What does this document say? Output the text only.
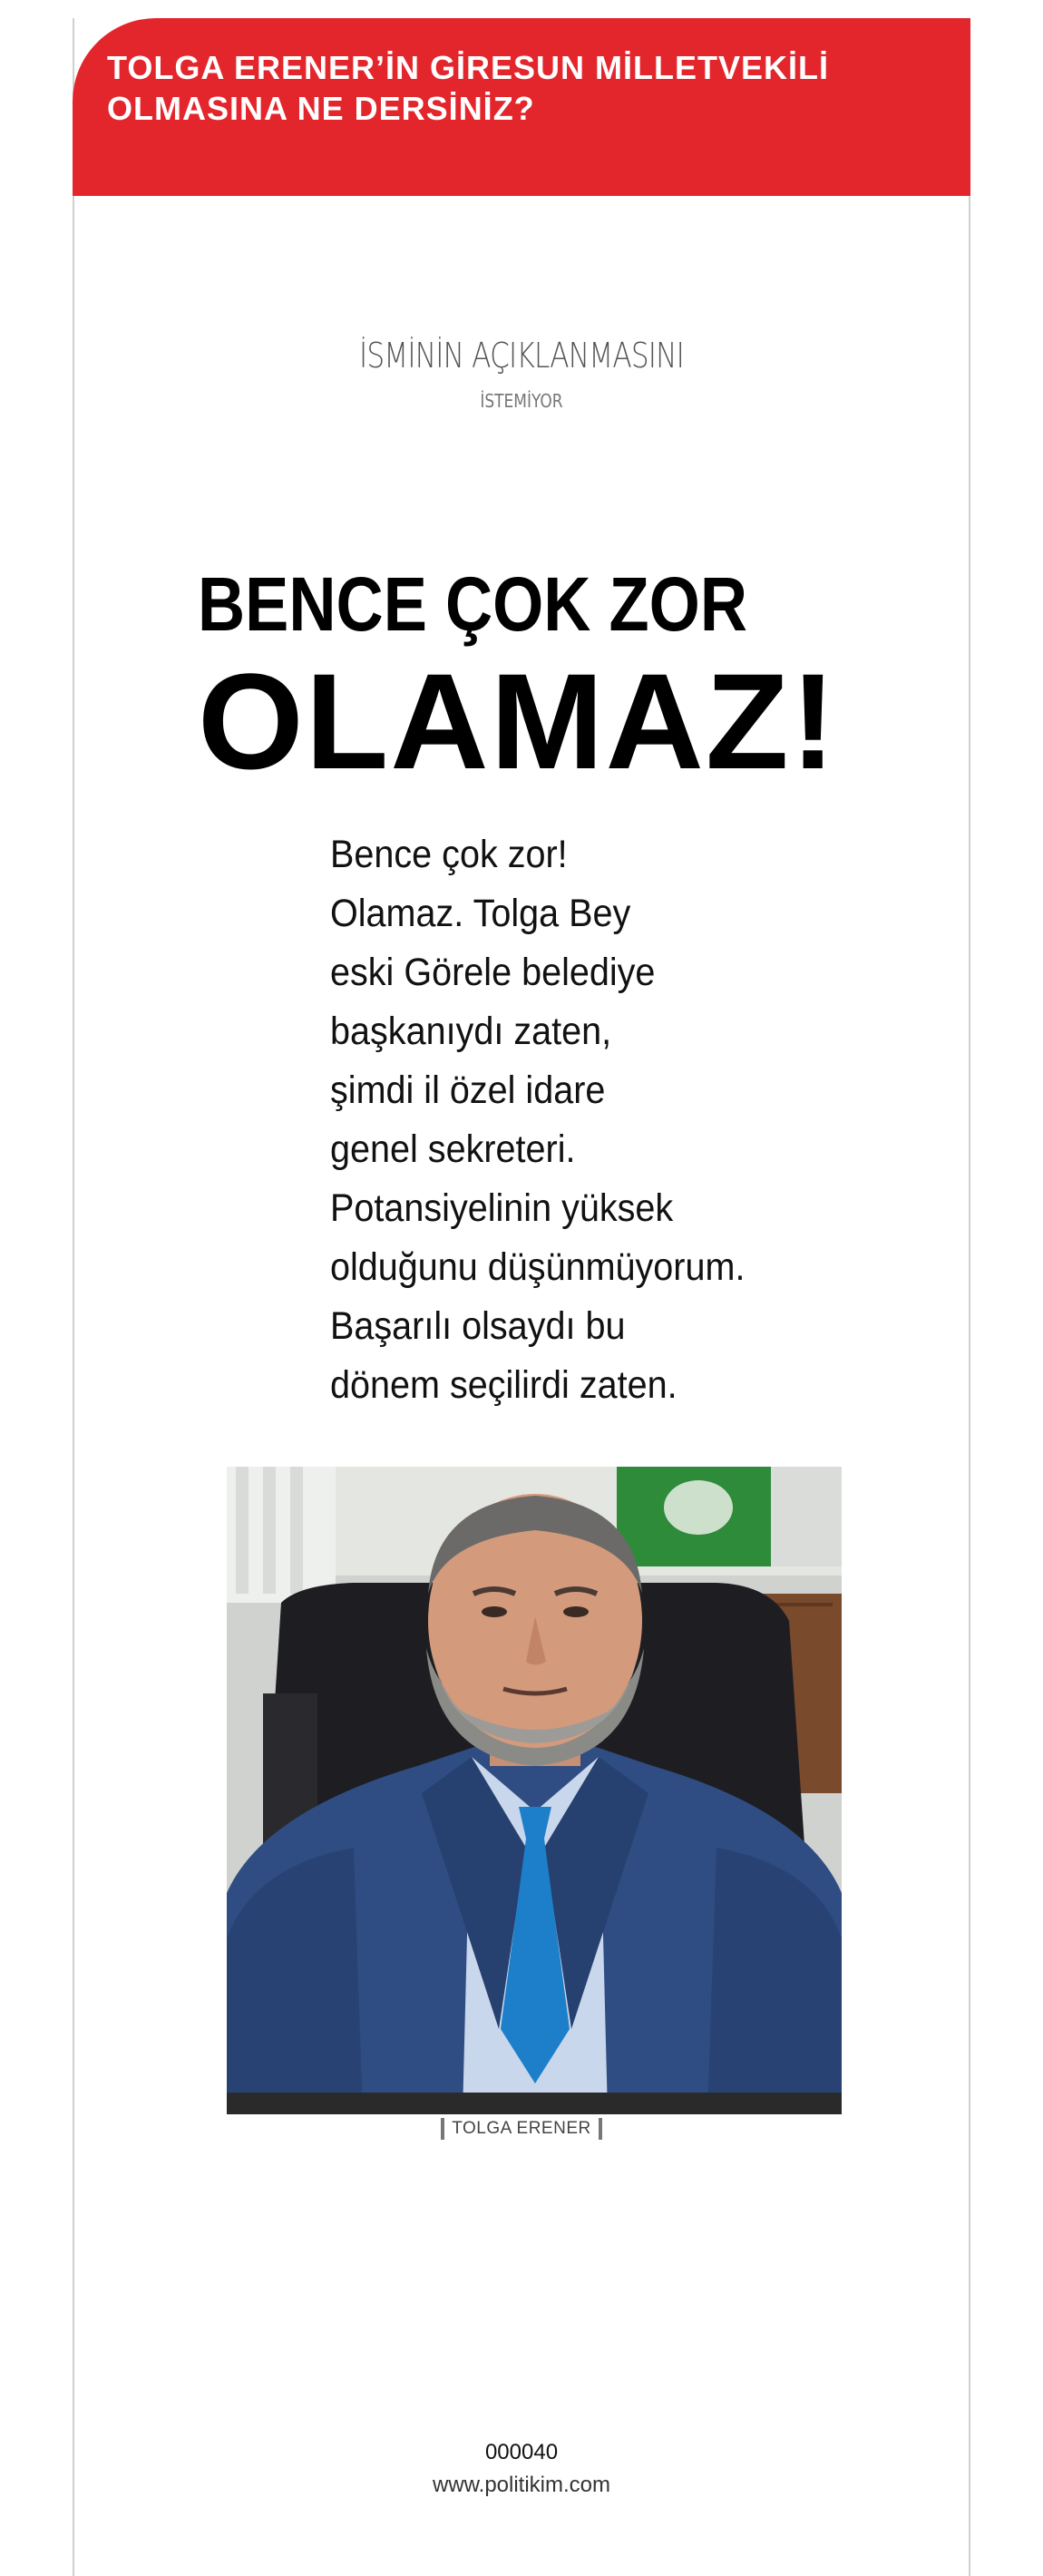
TOLGA ERENER’İN GİRESUN MİLLETVEKİLİ
OLMASINA NE DERSİNİZ?
İSMİNİN AÇIKLANMASINI
İSTEMİYOR
BENCE ÇOK ZOR
OLAMAZ!

Bence çok zor!
Olamaz. Tolga Bey
eski Görele belediye
başkanıydı zaten,
şimdi il özel idare
genel sekreteri.
Potansiyelinin yüksek
olduğunu düşünmüyorum.
Başarılı olsaydı bu
dönem seçilirdi zaten.

TOLGA ERENER
000040
www.politikim.com
